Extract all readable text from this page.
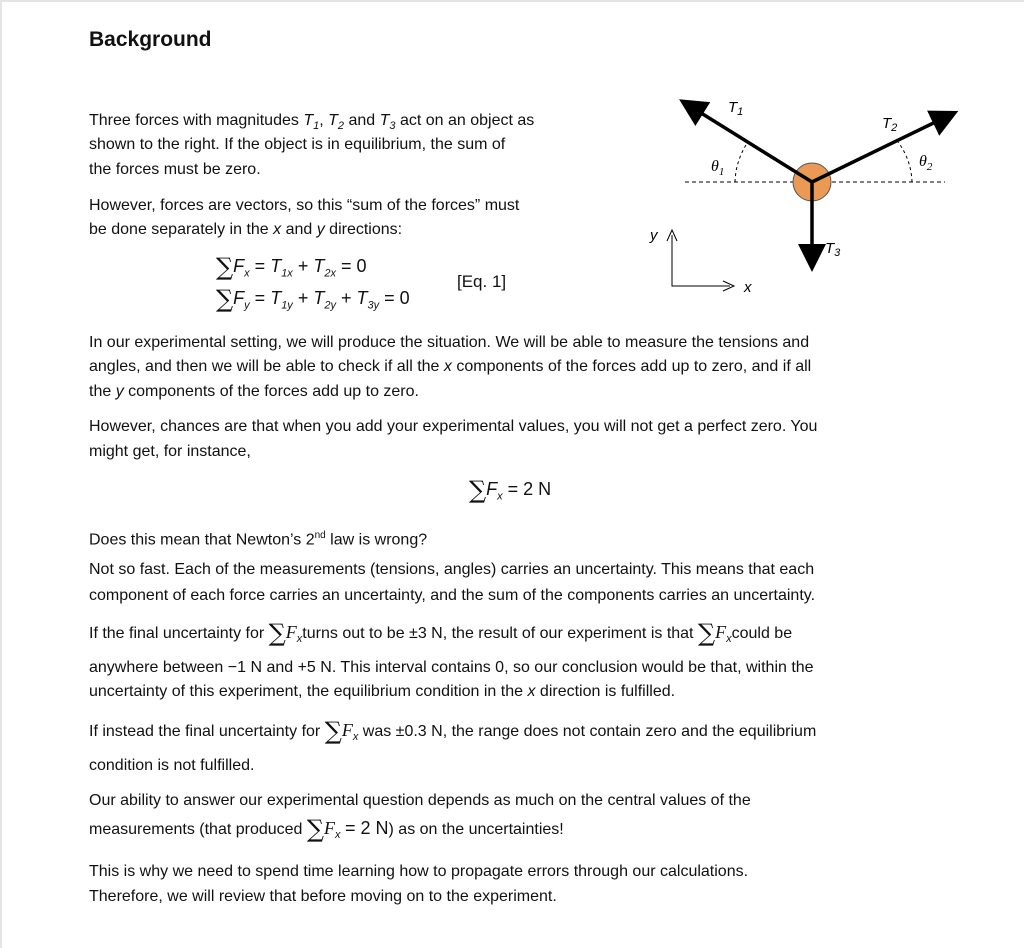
Background
Three forces with magnitudes $T_1$, $T_2$ and $T_3$ act on an object as
shown to the right. If the object is in equilibrium, the sum of
the forces must be zero.
However, forces are vectors, so this “sum of the forces” must
be done separately in the x and y directions:
$\sum F_x = T_{1x} + T_{2x} = 0$
$\sum F_y = T_{1y} + T_{2y} + T_{3y} = 0$
[Eq. 1]
$T_1$
$T_2$
$T_3$
$\theta_1$
$\theta_2$
y
x
In our experimental setting, we will produce the situation. We will be able to measure the tensions and
angles, and then we will be able to check if all the x components of the forces add up to zero, and if all
the y components of the forces add up to zero.
However, chances are that when you add your experimental values, you will not get a perfect zero. You
might get, for instance,
$\sum F_x = 2$ N
Does this mean that Newton’s 2nd law is wrong?
Not so fast. Each of the measurements (tensions, angles) carries an uncertainty. This means that each
component of each force carries an uncertainty, and the sum of the components carries an uncertainty.
If the final uncertainty for $\sum F_xturns$ out to be ±3 N, the result of our experiment is that $\sum F_xcould$ be
anywhere between −1 N and +5 N. This interval contains 0, so our conclusion would be that, within the
uncertainty of this experiment, the equilibrium condition in the x direction is fulfilled.
If instead the final uncertainty for $\sum F_x$ was ±0.3 N, the range does not contain zero and the equilibrium
condition is not fulfilled.
Our ability to answer our experimental question depends as much on the central values of the
measurements (that produced $\sum F_x = 2$ N) as on the uncertainties!
This is why we need to spend time learning how to propagate errors through our calculations.
Therefore, we will review that before moving on to the experiment.
